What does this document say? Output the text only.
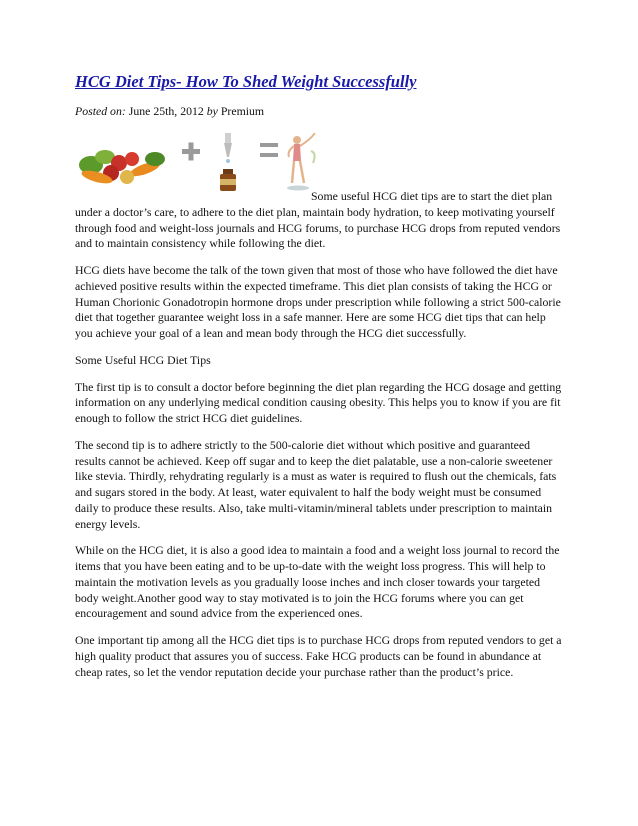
HCG Diet Tips- How To Shed Weight Successfully
Posted on: June 25th, 2012 by Premium

Some useful HCG diet tips are to start the diet plan under a doctor’s care, to adhere to the diet plan, maintain body hydration, to keep motivating yourself through food and weight-loss journals and HCG forums, to purchase HCG drops from reputed vendors and to maintain consistency while following the diet.

HCG diets have become the talk of the town given that most of those who have followed the diet have achieved positive results within the expected timeframe. This diet plan consists of taking the HCG or Human Chorionic Gonadotropin hormone drops under prescription while following a strict 500-calorie diet that together guarantee weight loss in a safe manner. Here are some HCG diet tips that can help you achieve your goal of a lean and mean body through the HCG diet successfully.

Some Useful HCG Diet Tips

The first tip is to consult a doctor before beginning the diet plan regarding the HCG dosage and getting information on any underlying medical condition causing obesity. This helps you to know if you are fit enough to follow the strict HCG diet guidelines.

The second tip is to adhere strictly to the 500-calorie diet without which positive and guaranteed results cannot be achieved. Keep off sugar and to keep the diet palatable, use a non-calorie sweetener like stevia. Thirdly, rehydrating regularly is a must as water is required to flush out the chemicals, fats and sugars stored in the body. At least, water equivalent to half the body weight must be consumed daily to produce these results. Also, take multi-vitamin/mineral tablets under prescription to maintain energy levels.

While on the HCG diet, it is also a good idea to maintain a food and a weight loss journal to record the items that you have been eating and to be up-to-date with the weight loss progress. This will help to maintain the motivation levels as you gradually loose inches and inch closer towards your targeted body weight.Another good way to stay motivated is to join the HCG forums where you can get encouragement and sound advice from the experienced ones.

One important tip among all the HCG diet tips is to purchase HCG drops from reputed vendors to get a high quality product that assures you of success. Fake HCG products can be found in abundance at cheap rates, so let the vendor reputation decide your purchase rather than the product’s price.
